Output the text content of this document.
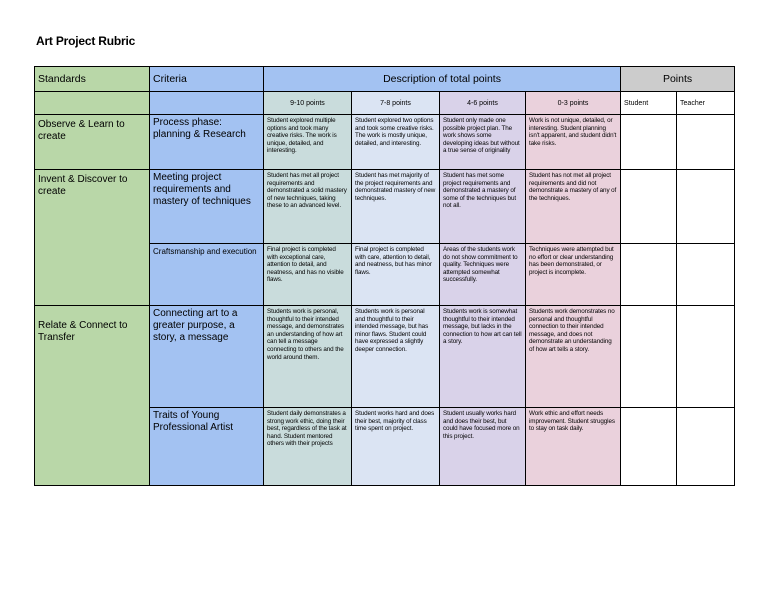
Art Project Rubric
Standards	Criteria	Description of total points				Points	
		9-10 points	7-8 points	4-6 points	0-3 points	Student	Teacher
Observe & Learn to create	Process phase: planning & Research	Student explored multiple options and took many creative risks. The work is unique, detailed, and interesting.	Student explored two options and took some creative risks. The work is mostly unique, detailed, and interesting.	Student only made one possible project plan. The work shows some developing ideas but without a true sense of originality	Work is not unique, detailed, or interesting. Student planning isn't apparent, and student didn't take risks.		
Invent & Discover to create	Meeting project requirements and mastery of techniques	Student has met all project requirements and demonstrated a solid mastery of new techniques, taking these to an advanced level.	Student has met majority of the project requirements and demonstrated mastery of new techniques.	Student has met some project requirements and demonstrated a mastery of some of the techniques but not all.	Student has not met all project requirements and did not demonstrate a mastery of any of the techniques.		
	Craftsmanship and execution	Final project is completed with exceptional care, attention to detail, and neatness, and has no visible flaws.	Final project is completed with care, attention to detail, and neatness, but has minor flaws.	Areas of the students work do not show commitment to quality. Techniques were attempted somewhat successfully.	Techniques were attempted but no effort or clear understanding has been demonstrated, or project is incomplete.		
Relate & Connect to Transfer	Connecting art to a greater purpose, a story, a message	Students work is personal, thoughtful to their intended message, and demonstrates an understanding of how art can tell a message connecting to others and the world around them.	Students work is personal and thoughtful to their intended message, but has minor flaws. Student could have expressed a slightly deeper connection.	Students work is somewhat thoughtful to their intended message, but lacks in the connection to how art can tell a story.	Students work demonstrates no personal and thoughtful connection to their intended message, and does not demonstrate an understanding of how art tells a story.		
	Traits of Young Professional Artist	Student daily demonstrates a strong work ethic, doing their best, regardless of the task at hand. Student mentored others with their projects	Student works hard and does their best, majority of class time spent on project.	Student usually works hard and does their best, but could have focused more on this project.	Work ethic and effort needs improvement. Student struggles to stay on task daily.		
